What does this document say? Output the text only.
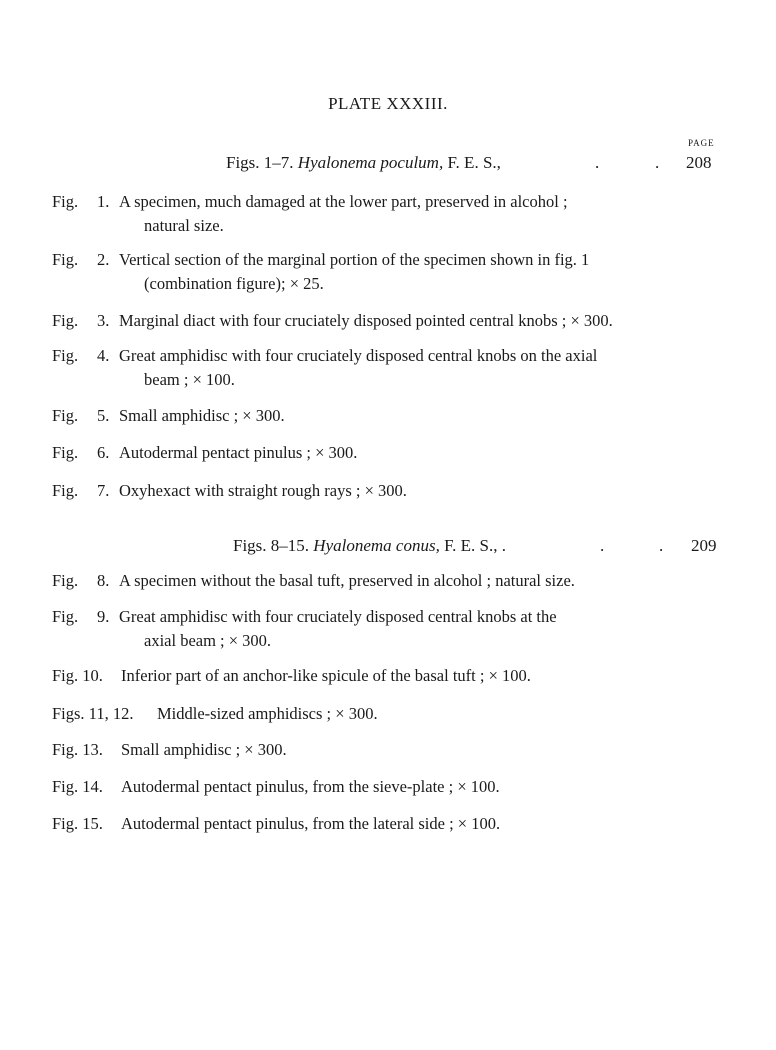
PLATE XXXIII.
PAGE
Figs. 1–7. Hyalonema poculum, F. E. S.,	.	. 208
Fig. 1. A specimen, much damaged at the lower part, preserved in alcohol ;
natural size.
Fig. 2. Vertical section of the marginal portion of the specimen shown in fig. 1
(combination figure); × 25.
Fig. 3. Marginal diact with four cruciately disposed pointed central knobs ; × 300.
Fig. 4. Great amphidisc with four cruciately disposed central knobs on the axial
beam ; × 100.
Fig. 5. Small amphidisc ; × 300.
Fig. 6. Autodermal pentact pinulus ; × 300.
Fig. 7. Oxyhexact with straight rough rays ; × 300.
Figs. 8–15. Hyalonema conus, F. E. S., .	.	. 209
Fig. 8. A specimen without the basal tuft, preserved in alcohol ; natural size.
Fig. 9. Great amphidisc with four cruciately disposed central knobs at the
axial beam ; × 300.
Fig. 10. Inferior part of an anchor-like spicule of the basal tuft ; × 100.
Figs. 11, 12. Middle-sized amphidiscs ; × 300.
Fig. 13. Small amphidisc ; × 300.
Fig. 14. Autodermal pentact pinulus, from the sieve-plate ; × 100.
Fig. 15. Autodermal pentact pinulus, from the lateral side ; × 100.
